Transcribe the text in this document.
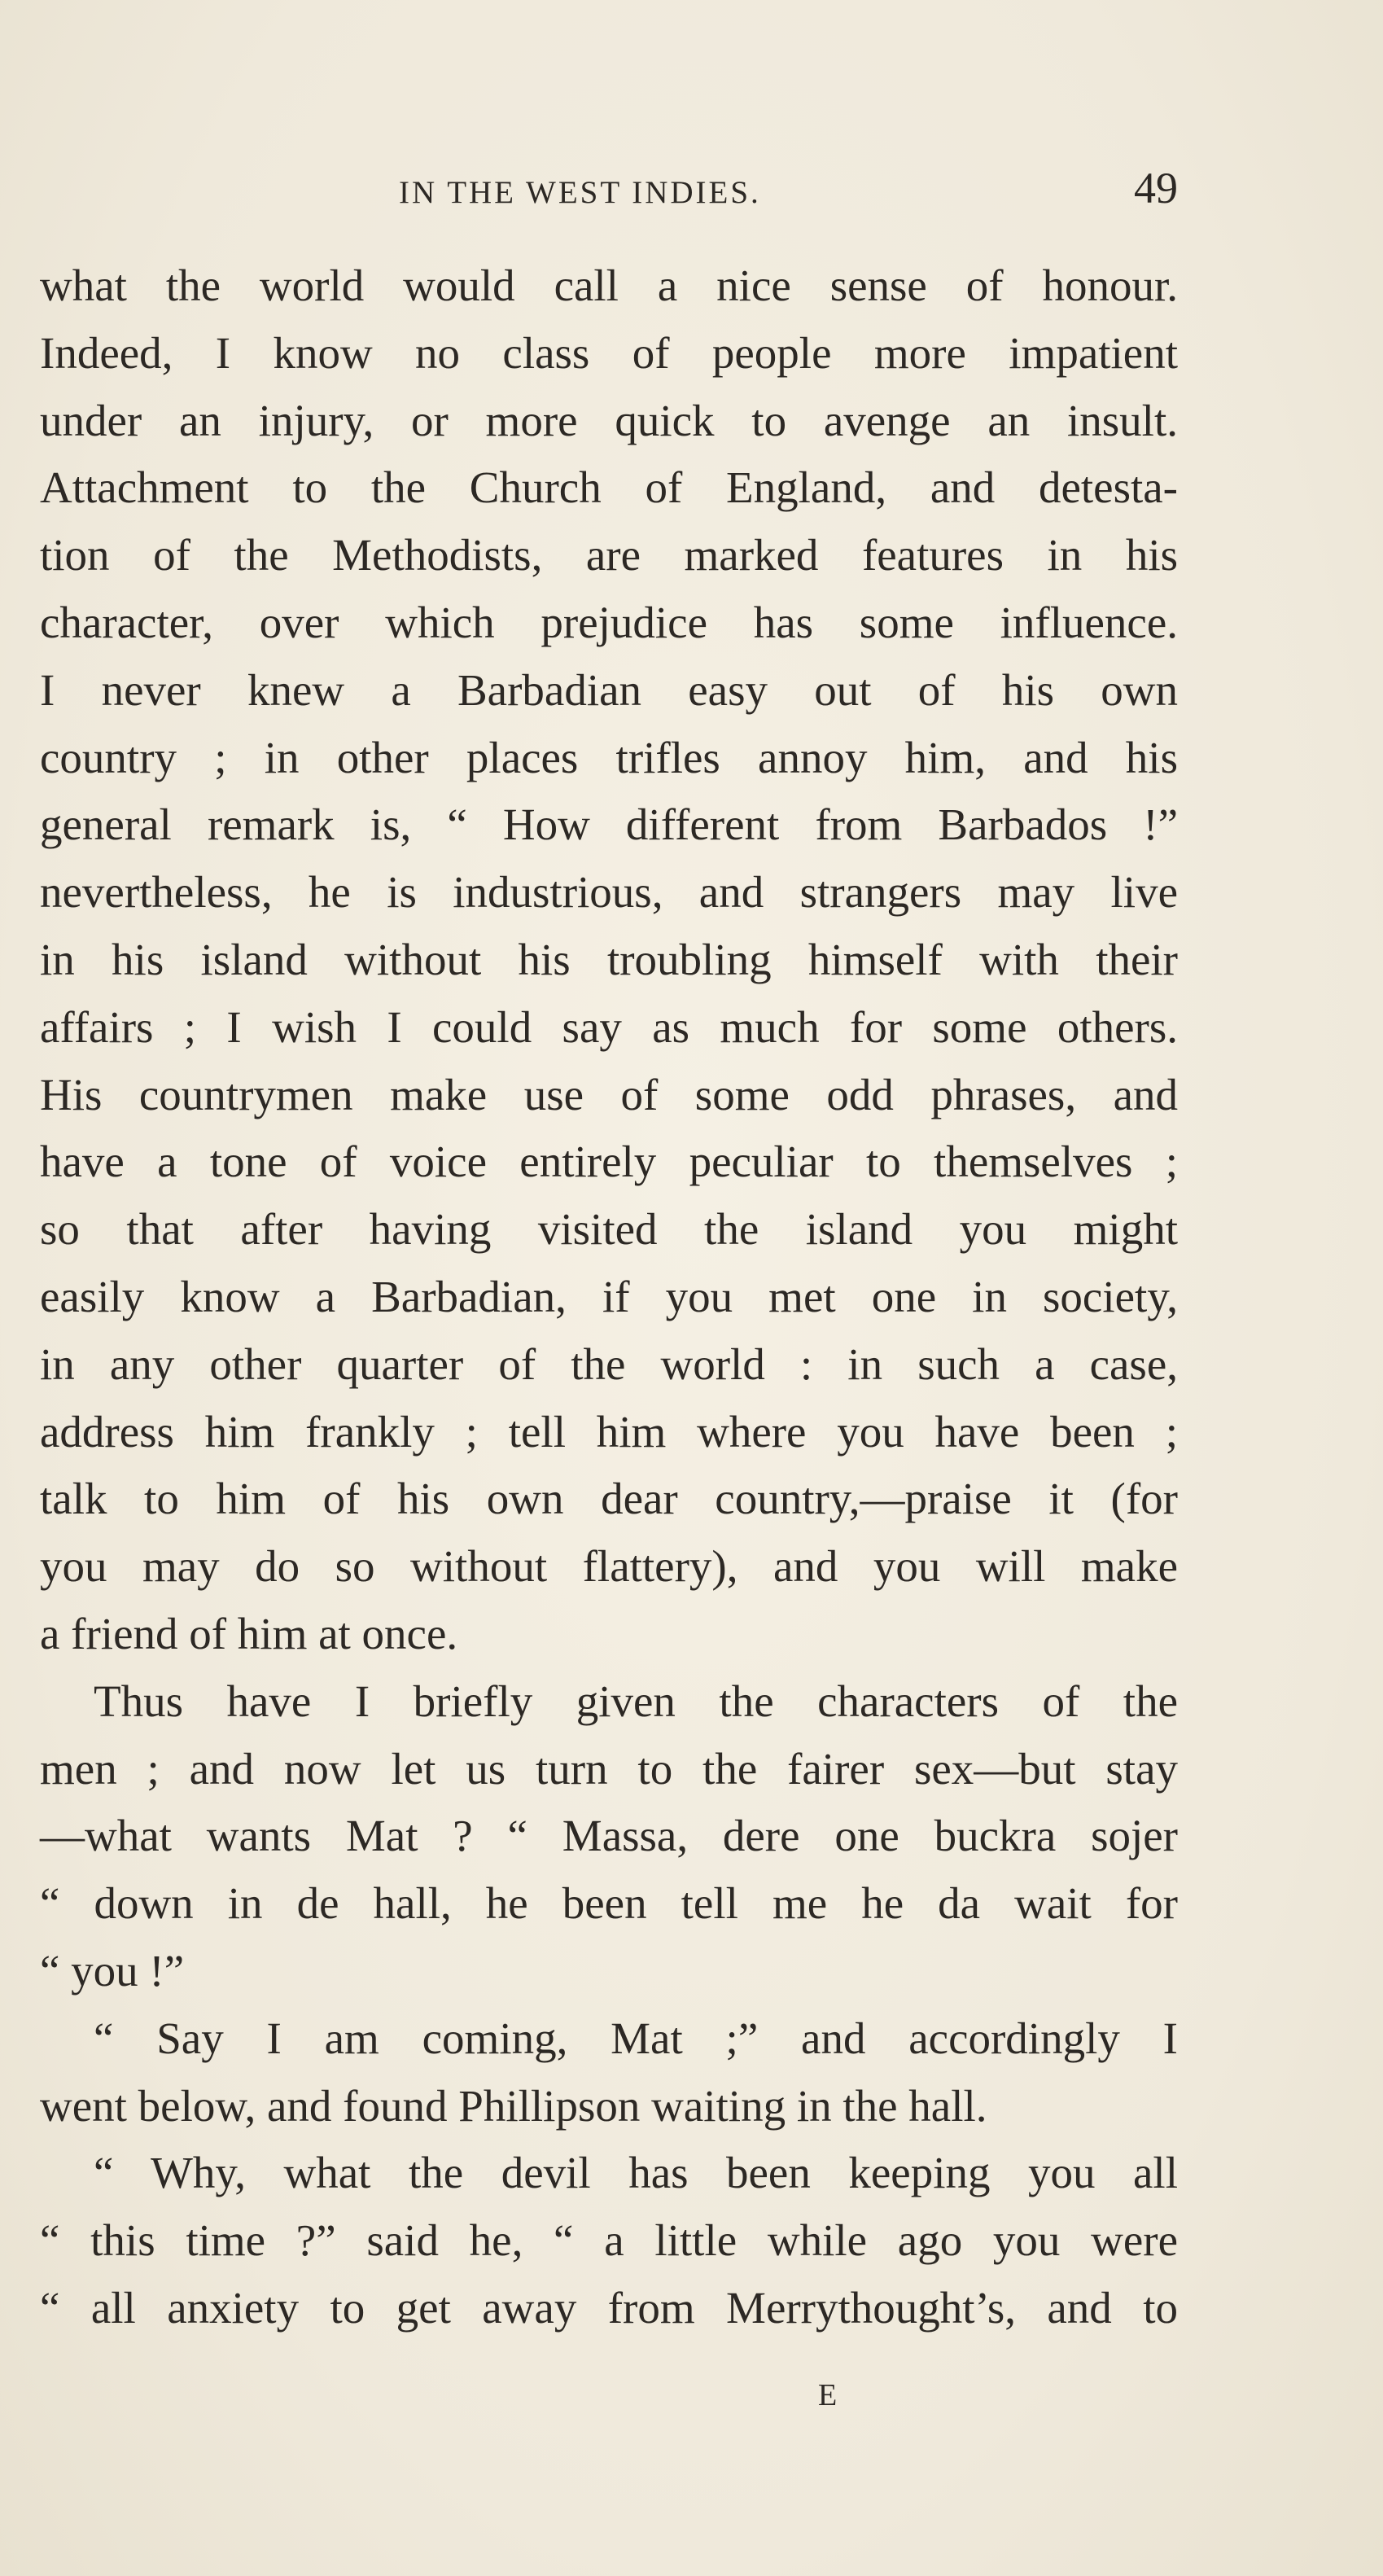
IN THE WEST INDIES.	49
what the world would call a nice sense of honour.
Indeed, I know no class of people more impatient
under an injury, or more quick to avenge an insult.
Attachment to the Church of England, and detesta-
tion of the Methodists, are marked features in his
character, over which prejudice has some influence.
I never knew a Barbadian easy out of his own
country ; in other places trifles annoy him, and his
general remark is, “ How different from Barbados !”
nevertheless, he is industrious, and strangers may live
in his island without his troubling himself with their
affairs ; I wish I could say as much for some others.
His countrymen make use of some odd phrases, and
have a tone of voice entirely peculiar to themselves ;
so that after having visited the island you might
easily know a Barbadian, if you met one in society,
in any other quarter of the world : in such a case,
address him frankly ; tell him where you have been ;
talk to him of his own dear country,—praise it (for
you may do so without flattery), and you will make
a friend of him at once.
Thus have I briefly given the characters of the
men ; and now let us turn to the fairer sex—but stay
—what wants Mat ? “ Massa, dere one buckra sojer
“ down in de hall, he been tell me he da wait for
“ you !”
“ Say I am coming, Mat ;” and accordingly I
went below, and found Phillipson waiting in the hall.
“ Why, what the devil has been keeping you all
“ this time ?” said he, “ a little while ago you were
“ all anxiety to get away from Merrythought’s, and to
E
